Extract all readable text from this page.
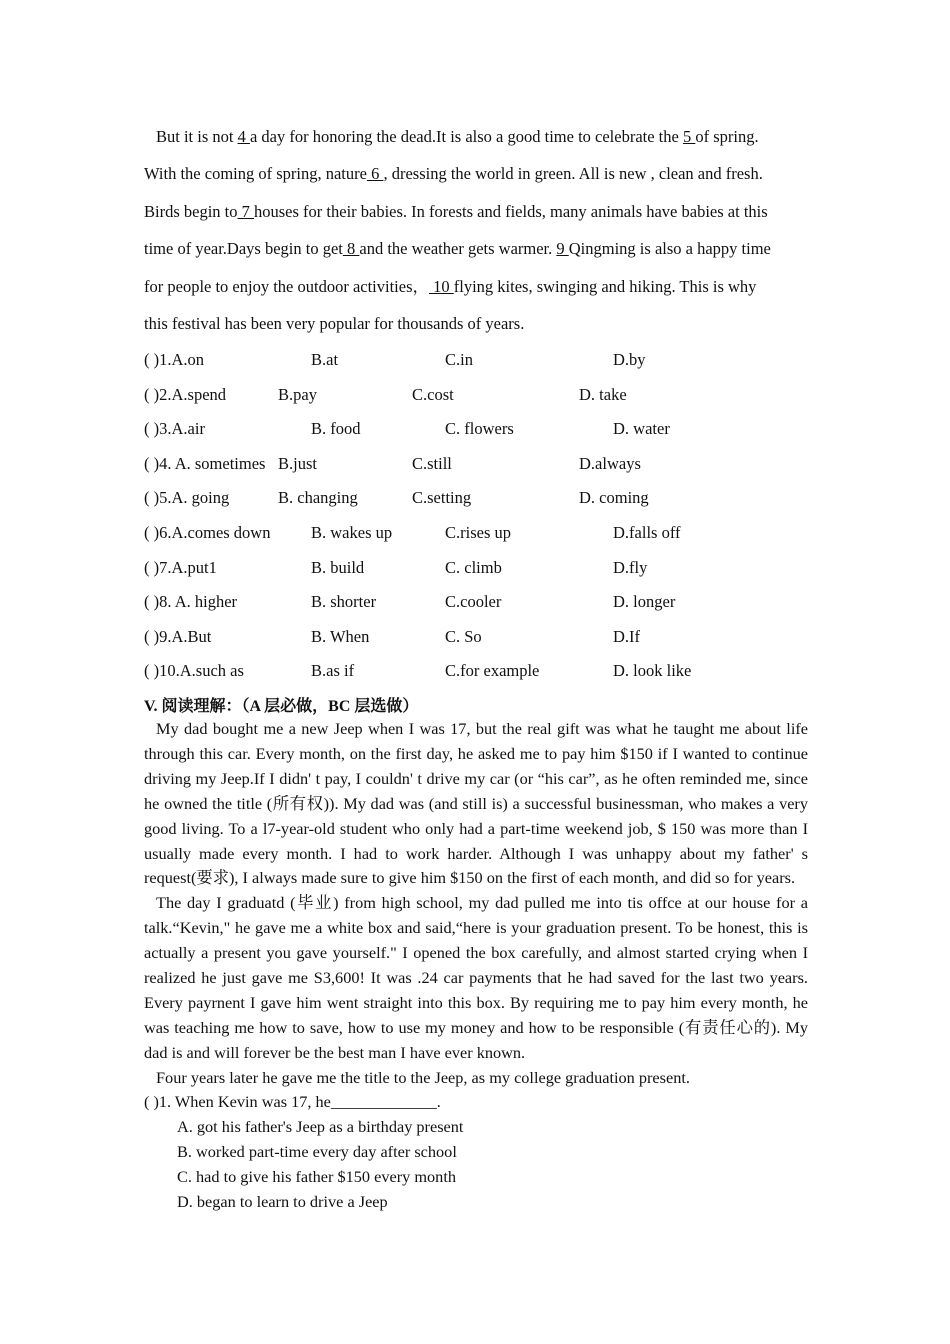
But it is not 4 a day for honoring the dead.It is also a good time to celebrate the 5 of spring.
With the coming of spring, nature 6 , dressing the world in green. All is new , clean and fresh.
Birds begin to 7 houses for their babies. In forests and fields, many animals have babies at this
time of year.Days begin to get 8 and the weather gets warmer. 9 Qingming is also a happy time
for people to enjoy the outdoor activities， 10 flying kites, swinging and hiking. This is why
this festival has been very popular for thousands of years.
( )1.A.on	B.at	C.in	D.by
( )2.A.spend	B.pay	C.cost	D. take
( )3.A.air	B. food	C. flowers	D. water
( )4. A. sometimes B.just	C.still	D.always
( )5.A. going	B. changing	C.setting	D. coming
( )6.A.comes down B. wakes up	C.rises up	D.falls off
( )7.A.put1	B. build	C. climb	D.fly
( )8. A. higher	B. shorter	C.cooler	D. longer
( )9.A.But	B. When	C. So	D.If
( )10.A.such as	B.as if	C.for example	D. look like
V. 阅读理解：（A 层必做，BC 层选做）

My dad bought me a new Jeep when I was 17, but the real gift was what he taught me about life through this car. Every month, on the first day, he asked me to pay him $150 if I wanted to continue driving my Jeep.If I didn' t pay, I couldn' t drive my car (or “his car”, as he often reminded me, since he owned the title (所有权)). My dad was (and still is) a successful businessman, who makes a very good living. To a l7-year-old student who only had a part-time weekend job, $ 150 was more than I usually made every month. I had to work harder. Although I was unhappy about my father' s request(要求), I always made sure to give him $150 on the first of each month, and did so for years.

The day I graduatd (毕业) from high school, my dad pulled me into tis offce at our house for a talk.“Kevin," he gave me a white box and said,“here is your graduation present. To be honest, this is actually a present you gave yourself." I opened the box carefully, and almost started crying when I realized he just gave me S3,600! It was .24 car payments that he had saved for the last two years. Every payrnent I gave him went straight into this box. By requiring me to pay him every month, he was teaching me how to save, how to use my money and how to be responsible (有责任心的). My dad is and will forever be the best man I have ever known.

Four years later he gave me the title to the Jeep, as my college graduation present.

( )1. When Kevin was 17, he_____________.
A. got his father's Jeep as a birthday present
B. worked part-time every day after school
C. had to give his father $150 every month
D. began to learn to drive a Jeep
